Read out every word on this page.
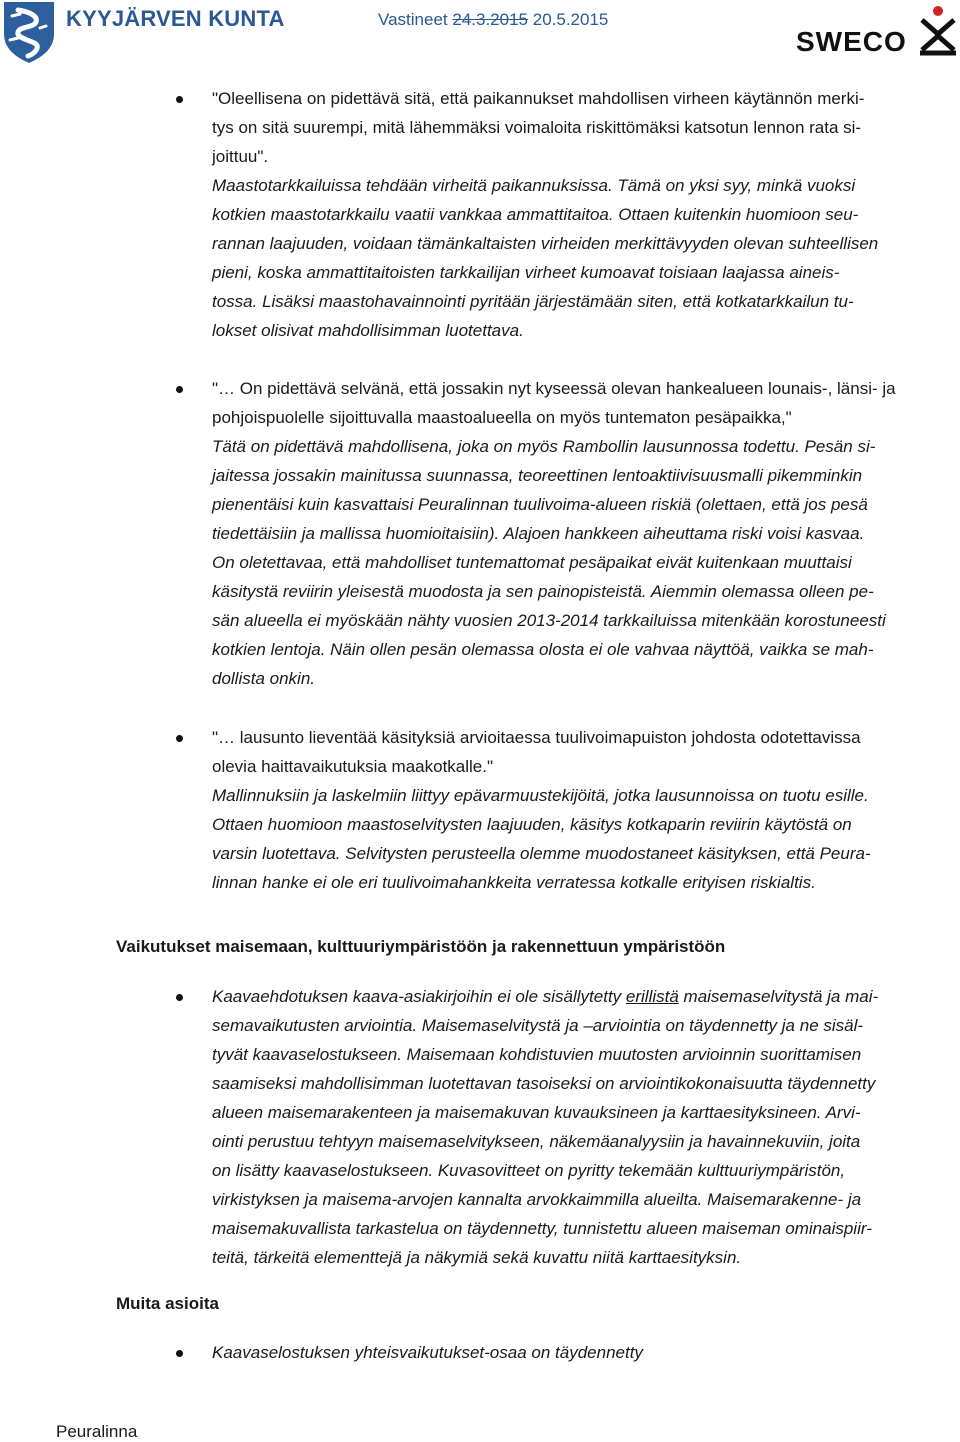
KYYJÄRVEN KUNTA	Vastineet 24.3.2015 20.5.2015
SWECO
"Oleellisena on pidettävä sitä, että paikannukset mahdollisen virheen käytännön merki-
tys on sitä suurempi, mitä lähemmäksi voimaloita riskittömäksi katsotun lennon rata si-
joittuu".
Maastotarkkailuissa tehdään virheitä paikannuksissa. Tämä on yksi syy, minkä vuoksi
kotkien maastotarkkailu vaatii vankkaa ammattitaitoa. Ottaen kuitenkin huomioon seu-
rannan laajuuden, voidaan tämänkaltaisten virheiden merkittävyyden olevan suhteellisen
pieni, koska ammattitaitoisten tarkkailijan virheet kumoavat toisiaan laajassa aineis-
tossa. Lisäksi maastohavainnointi pyritään järjestämään siten, että kotkatarkkailun tu-
lokset olisivat mahdollisimman luotettava.
"… On pidettävä selvänä, että jossakin nyt kyseessä olevan hankealueen lounais-, länsi- ja
pohjoispuolelle sijoittuvalla maastoalueella on myös tuntematon pesäpaikka,"
Tätä on pidettävä mahdollisena, joka on myös Rambollin lausunnossa todettu. Pesän si-
jaitessa jossakin mainitussa suunnassa, teoreettinen lentoaktiivisuusmalli pikemminkin
pienentäisi kuin kasvattaisi Peuralinnan tuulivoima-alueen riskiä (olettaen, että jos pesä
tiedettäisiin ja mallissa huomioitaisiin). Alajoen hankkeen aiheuttama riski voisi kasvaa.
On oletettavaa, että mahdolliset tuntemattomat pesäpaikat eivät kuitenkaan muuttaisi
käsitystä reviirin yleisestä muodosta ja sen painopisteistä. Aiemmin olemassa olleen pe-
sän alueella ei myöskään nähty vuosien 2013-2014 tarkkailuissa mitenkään korostuneesti
kotkien lentoja. Näin ollen pesän olemassa olosta ei ole vahvaa näyttöä, vaikka se mah-
dollista onkin.
"… lausunto lieventää käsityksiä arvioitaessa tuulivoimapuiston johdosta odotettavissa
olevia haittavaikutuksia maakotkalle."
Mallinnuksiin ja laskelmiin liittyy epävarmuustekijöitä, jotka lausunnoissa on tuotu esille.
Ottaen huomioon maastoselvitysten laajuuden, käsitys kotkaparin reviirin käytöstä on
varsin luotettava. Selvitysten perusteella olemme muodostaneet käsityksen, että Peura-
linnan hanke ei ole eri tuulivoimahankkeita verratessa kotkalle erityisen riskialtis.
Vaikutukset maisemaan, kulttuuriympäristöön ja rakennettuun ympäristöön
Kaavaehdotuksen kaava-asiakirjoihin ei ole sisällytetty erillistä maisemaselvitystä ja mai-
semavaikutusten arviointia. Maisemaselvitystä ja –arviointia on täydennetty ja ne sisäl-
tyvät kaavaselostukseen. Maisemaan kohdistuvien muutosten arvioinnin suorittamisen
saamiseksi mahdollisimman luotettavan tasoiseksi on arviointikokonaisuutta täydennetty
alueen maisemarakenteen ja maisemakuvan kuvauksineen ja karttaesityksineen. Arvi-
ointi perustuu tehtyyn maisemaselvitykseen, näkemäanalyysiin ja havainnekuviin, joita
on lisätty kaavaselostukseen. Kuvasovitteet on pyritty tekemään kulttuuriympäristön,
virkistyksen ja maisema-arvojen kannalta arvokkaimmilla alueilta. Maisemarakenne- ja
maisemakuvallista tarkastelua on täydennetty, tunnistettu alueen maiseman ominaispiir-
teitä, tärkeitä elementtejä ja näkymiä sekä kuvattu niitä karttaesityksin.
Muita asioita
Kaavaselostuksen yhteisvaikutukset-osaa on täydennetty
Peuralinna
